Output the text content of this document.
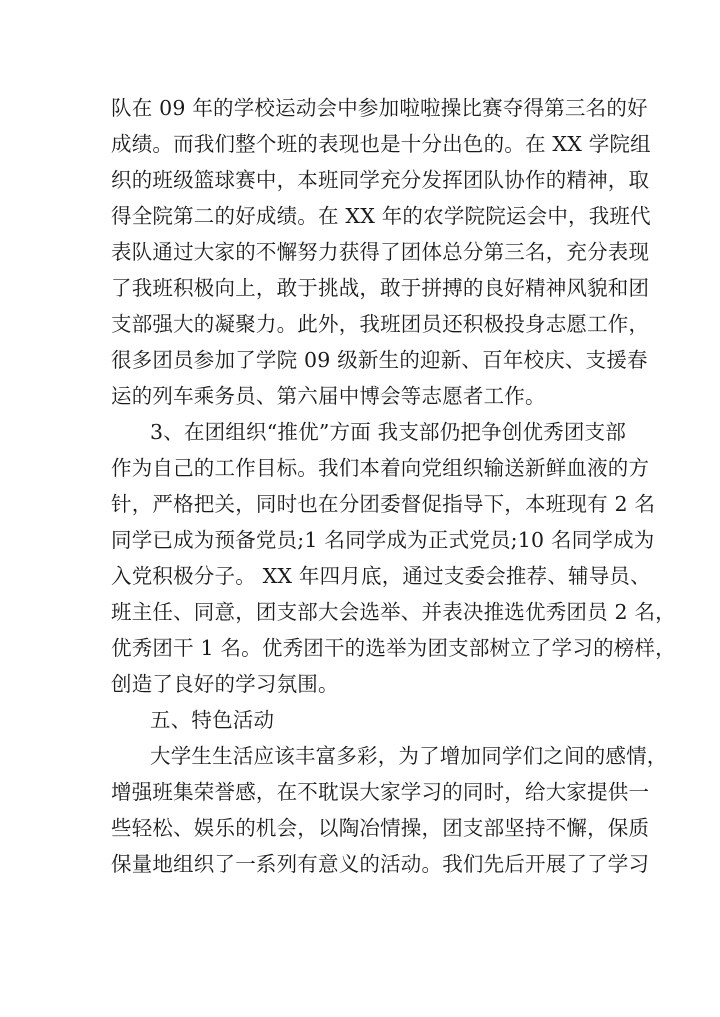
队在 09 年的学校运动会中参加啦啦操比赛夺得第三名的好
成绩。而我们整个班的表现也是十分出色的。在 XX 学院组
织的班级篮球赛中，本班同学充分发挥团队协作的精神，取
得全院第二的好成绩。在 XX 年的农学院院运会中，我班代
表队通过大家的不懈努力获得了团体总分第三名，充分表现
了我班积极向上，敢于挑战，敢于拼搏的良好精神风貌和团
支部强大的凝聚力。此外，我班团员还积极投身志愿工作，
很多团员参加了学院 09 级新生的迎新、百年校庆、支援春
运的列车乘务员、第六届中博会等志愿者工作。
3、在团组织“推优”方面 我支部仍把争创优秀团支部
作为自己的工作目标。我们本着向党组织输送新鲜血液的方
针，严格把关，同时也在分团委督促指导下，本班现有 2 名
同学已成为预备党员;1 名同学成为正式党员;10 名同学成为
入党积极分子。 XX 年四月底，通过支委会推荐、辅导员、
班主任、同意，团支部大会选举、并表决推选优秀团员 2 名，
优秀团干 1 名。优秀团干的选举为团支部树立了学习的榜样，
创造了良好的学习氛围。
五、特色活动
大学生生活应该丰富多彩，为了增加同学们之间的感情，
增强班集荣誉感，在不耽误大家学习的同时，给大家提供一
些轻松、娱乐的机会，以陶冶情操，团支部坚持不懈，保质
保量地组织了一系列有意义的活动。我们先后开展了了学习
